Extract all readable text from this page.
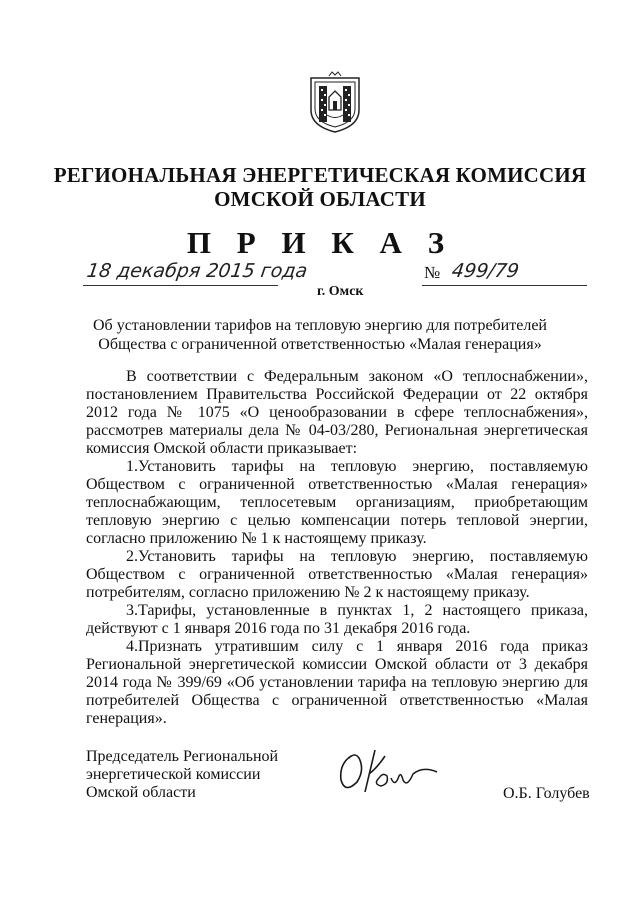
РЕГИОНАЛЬНАЯ ЭНЕРГЕТИЧЕСКАЯ КОМИССИЯ
ОМСКОЙ ОБЛАСТИ
П Р И К А З
18 декабря 2015 года	№ 499/79
г. Омск
Об установлении тарифов на тепловую энергию для потребителей
Общества с ограниченной ответственностью «Малая генерация»

В соответствии с Федеральным законом «О теплоснабжении», постановлением Правительства Российской Федерации от 22 октября 2012 года № 1075 «О ценообразовании в сфере теплоснабжения», рассмотрев материалы дела № 04-03/280, Региональная энергетическая комиссия Омской области приказывает:

1.Установить тарифы на тепловую энергию, поставляемую Обществом с ограниченной ответственностью «Малая генерация» теплоснабжающим, теплосетевым организациям, приобретающим тепловую энергию с целью компенсации потерь тепловой энергии, согласно приложению № 1 к настоящему приказу.

2.Установить тарифы на тепловую энергию, поставляемую Обществом с ограниченной ответственностью «Малая генерация» потребителям, согласно приложению № 2 к настоящему приказу.

3.Тарифы, установленные в пунктах 1, 2 настоящего приказа, действуют с 1 января 2016 года по 31 декабря 2016 года.

4.Признать утратившим силу с 1 января 2016 года приказ Региональной энергетической комиссии Омской области от 3 декабря 2014 года № 399/69 «Об установлении тарифа на тепловую энергию для потребителей Общества с ограниченной ответственностью «Малая генерация».

Председатель Региональной
энергетической комиссии
Омской области	О.Б. Голубев
